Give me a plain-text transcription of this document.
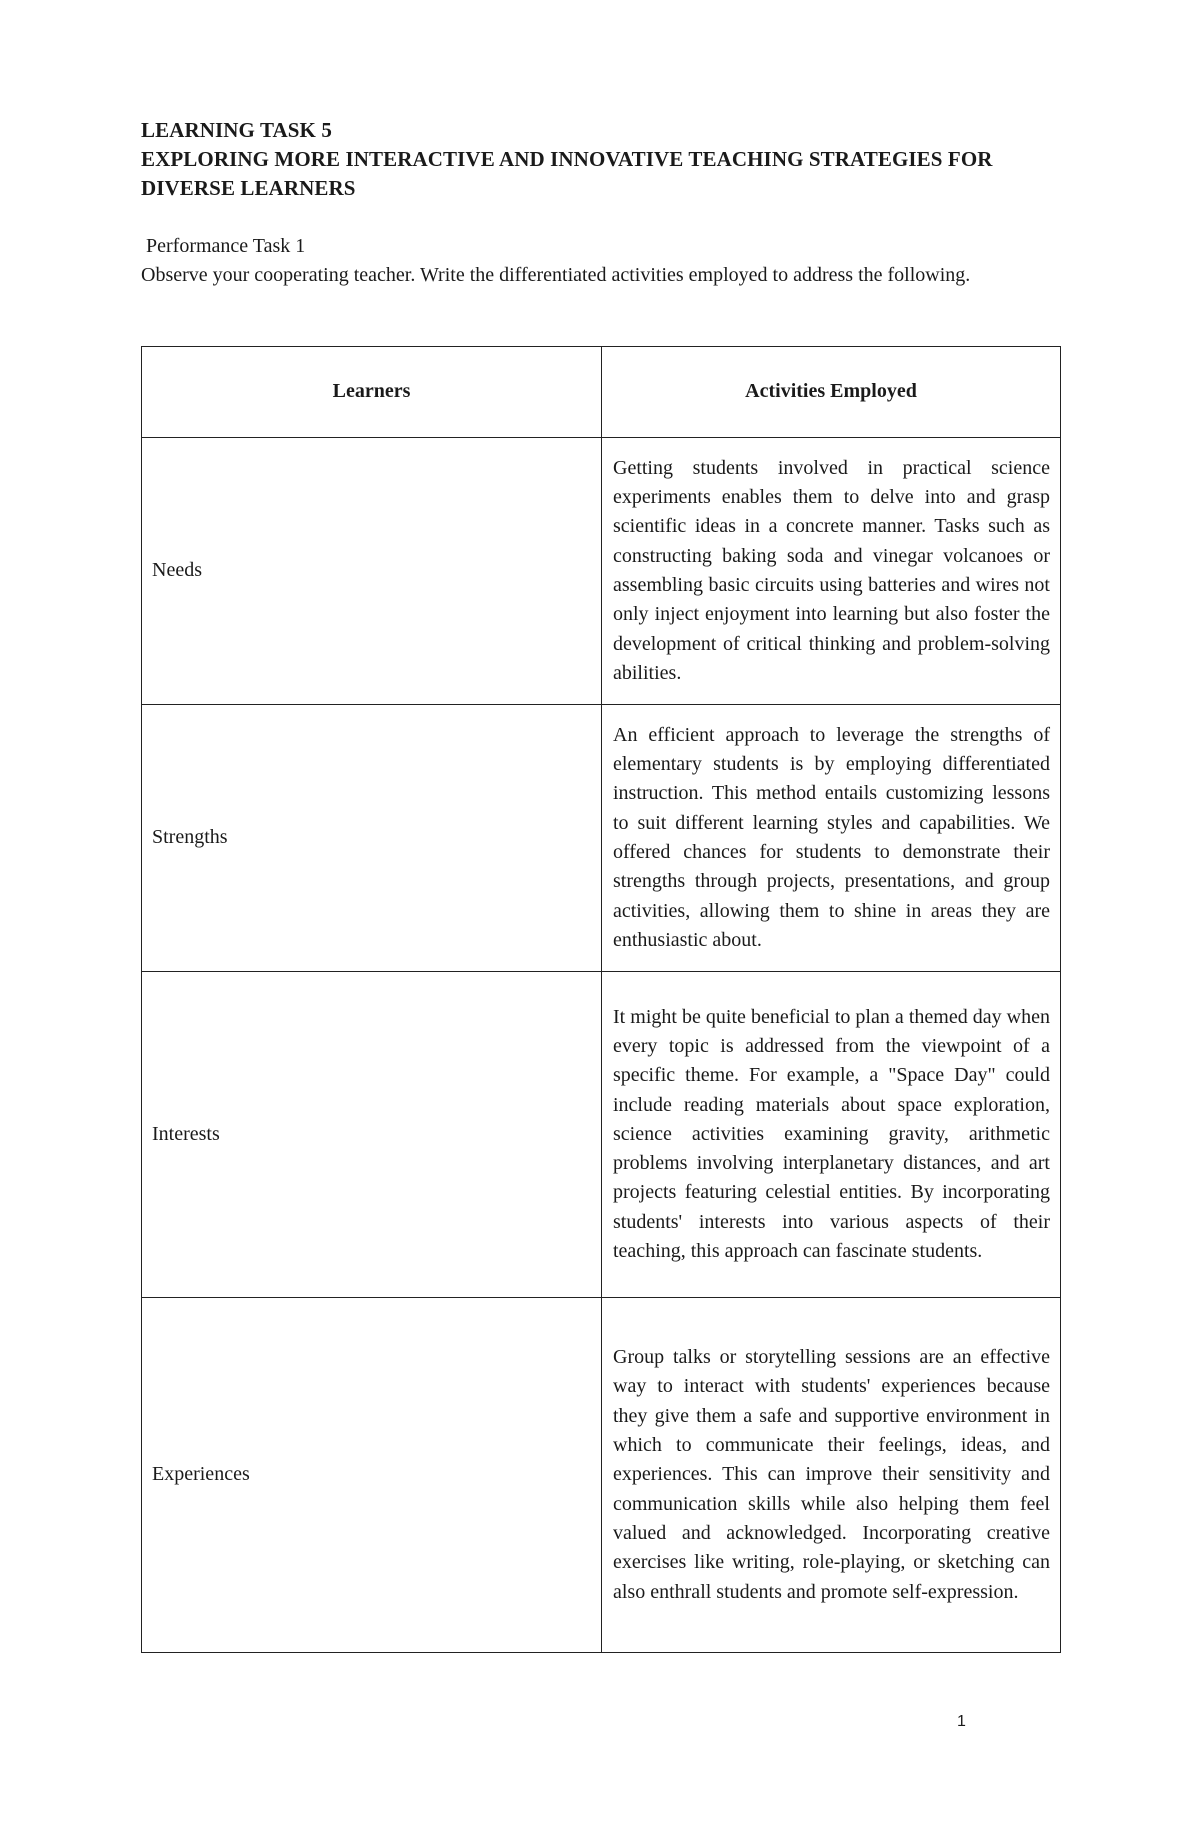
LEARNING TASK 5
EXPLORING MORE INTERACTIVE AND INNOVATIVE TEACHING STRATEGIES FOR
DIVERSE LEARNERS
Performance Task 1
Observe your cooperating teacher. Write the differentiated activities employed to address the following.
Learners	Activities Employed
Needs	Getting students involved in practical science experiments enables them to delve into and grasp scientific ideas in a concrete manner. Tasks such as constructing baking soda and vinegar volcanoes or assembling basic circuits using batteries and wires not only inject enjoyment into learning but also foster the development of critical thinking and problem-solving abilities.
Strengths	An efficient approach to leverage the strengths of elementary students is by employing differentiated instruction. This method entails customizing lessons to suit different learning styles and capabilities. We offered chances for students to demonstrate their strengths through projects, presentations, and group activities, allowing them to shine in areas they are enthusiastic about.
Interests	It might be quite beneficial to plan a themed day when every topic is addressed from the viewpoint of a specific theme. For example, a "Space Day" could include reading materials about space exploration, science activities examining gravity, arithmetic problems involving interplanetary distances, and art projects featuring celestial entities. By incorporating students' interests into various aspects of their teaching, this approach can fascinate students.
Experiences	Group talks or storytelling sessions are an effective way to interact with students' experiences because they give them a safe and supportive environment in which to communicate their feelings, ideas, and experiences. This can improve their sensitivity and communication skills while also helping them feel valued and acknowledged. Incorporating creative exercises like writing, role-playing, or sketching can also enthrall students and promote self-expression.
1
